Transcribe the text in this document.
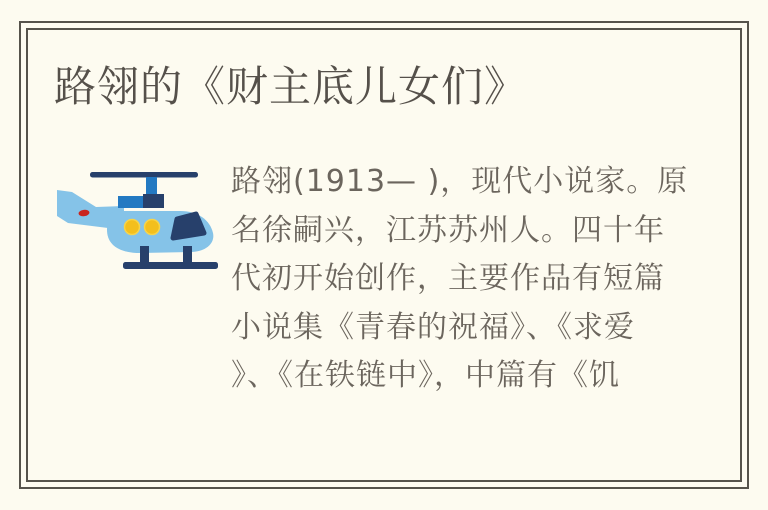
路翎的《财主底儿女们》
路翎(1913— )，现代小说家。原
名徐嗣兴，江苏苏州人。四十年
代初开始创作，主要作品有短篇
小说集《青春的祝福》、《求爱
》、《在铁链中》，中篇有《饥
